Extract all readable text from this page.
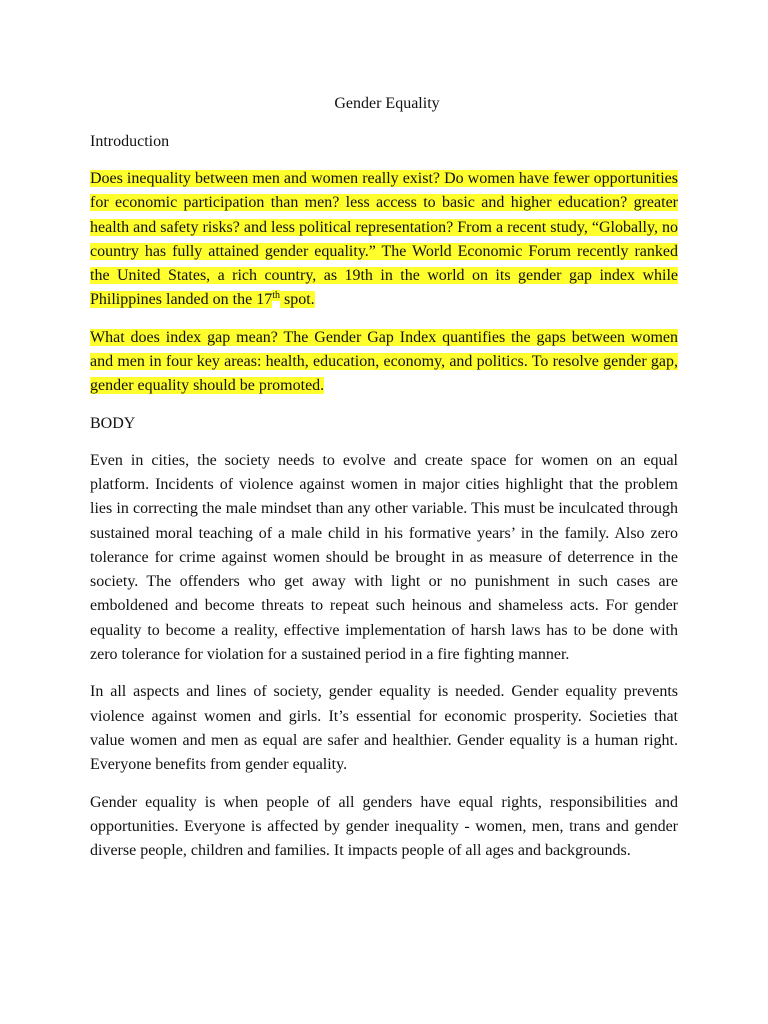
Gender Equality
Introduction

Does inequality between men and women really exist? Do women have fewer opportunities for economic participation than men? less access to basic and higher education? greater health and safety risks? and less political representation? From a recent study, “Globally, no country has fully attained gender equality.” The World Economic Forum recently ranked the United States, a rich country, as 19th in the world on its gender gap index while Philippines landed on the 17th spot.

What does index gap mean? The Gender Gap Index quantifies the gaps between women and men in four key areas: health, education, economy, and politics. To resolve gender gap, gender equality should be promoted.

BODY

Even in cities, the society needs to evolve and create space for women on an equal platform. Incidents of violence against women in major cities highlight that the problem lies in correcting the male mindset than any other variable. This must be inculcated through sustained moral teaching of a male child in his formative years’ in the family. Also zero tolerance for crime against women should be brought in as measure of deterrence in the society. The offenders who get away with light or no punishment in such cases are emboldened and become threats to repeat such heinous and shameless acts. For gender equality to become a reality, effective implementation of harsh laws has to be done with zero tolerance for violation for a sustained period in a fire fighting manner.

In all aspects and lines of society, gender equality is needed. Gender equality prevents violence against women and girls. It’s essential for economic prosperity. Societies that value women and men as equal are safer and healthier. Gender equality is a human right. Everyone benefits from gender equality.

Gender equality is when people of all genders have equal rights, responsibilities and opportunities. Everyone is affected by gender inequality - women, men, trans and gender diverse people, children and families. It impacts people of all ages and backgrounds.
